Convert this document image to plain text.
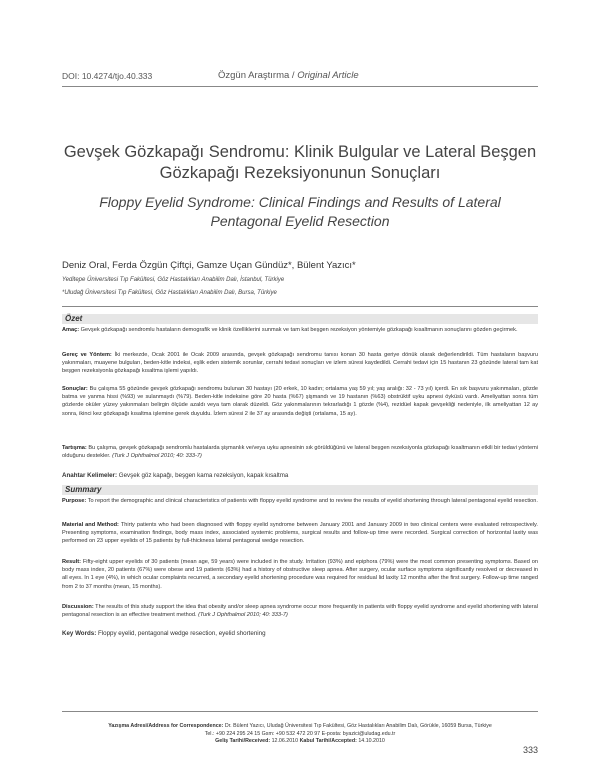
DOI: 10.4274/tjo.40.333	Özgün Araştırma / Original Article
Gevşek Gözkapağı Sendromu: Klinik Bulgular ve Lateral Beşgen Gözkapağı Rezeksiyonunun Sonuçları
Floppy Eyelid Syndrome: Clinical Findings and Results of Lateral Pentagonal Eyelid Resection
Deniz Oral, Ferda Özgün Çiftçi, Gamze Uçan Gündüz*, Bülent Yazıcı*
Yeditepe Üniversitesi Tıp Fakültesi, Göz Hastalıkları Anabilim Dalı, İstanbul, Türkiye
*Uludağ Üniversitesi Tıp Fakültesi, Göz Hastalıkları Anabilim Dalı, Bursa, Türkiye
Özet
Amaç: Gevşek gözkapağı sendromlu hastaların demografik ve klinik özelliklerini sunmak ve tam kat beşgen rezeksiyon yöntemiyle gözkapağı kısaltmanın sonuçlarını gözden geçirmek.
Gereç ve Yöntem: İki merkezde, Ocak 2001 ile Ocak 2009 arasında, gevşek gözkapağı sendromu tanısı konan 30 hasta geriye dönük olarak değerlendirildi. Tüm hastaların başvuru yakınmaları, muayene bulguları, beden-kitle indeksi, eşlik eden sistemik sorunlar, cerrahi tedavi sonuçları ve izlem süresi kaydedildi. Cerrahi tedavi için 15 hastanın 23 gözünde lateral tam kat beşgen rezeksiyonla gözkapağı kısaltma işlemi yapıldı.
Sonuçlar: Bu çalışma 55 gözünde gevşek gözkapağı sendromu bulunan 30 hastayı (20 erkek, 10 kadın; ortalama yaş 59 yıl; yaş aralığı: 32 - 73 yıl) içerdi. En sık başvuru yakınmaları, gözde batma ve yanma hissi (%93) ve sulanmaydı (%79). Beden-kitle indeksine göre 20 hasta (%67) şişmandı ve 19 hastanın (%63) obstrüktif uyku apnesi öyküsü vardı. Ameliyattan sonra tüm gözlerde oküler yüzey yakınmaları belirgin ölçüde azaldı veya tam olarak düzeldi. Göz yakınmalarının tekrarladığı 1 gözde (%4), rezidüel kapak gevşekliği nedeniyle, ilk ameliyattan 12 ay sonra, ikinci kez gözkapağı kısaltma işlemine gerek duyuldu. İzlem süresi 2 ile 37 ay arasında değişti (ortalama, 15 ay).
Tartışma: Bu çalışma, gevşek gözkapağı sendromlu hastalarda şişmanlık ve/veya uyku apnesinin sık görüldüğünü ve lateral beşgen rezeksiyonla gözkapağı kısaltmanın etkili bir tedavi yöntemi olduğunu destekler. (Turk J Ophthalmol 2010; 40: 333-7)
Anahtar Kelimeler: Gevşek göz kapağı, beşgen kama rezeksiyon, kapak kısaltma
Summary
Purpose: To report the demographic and clinical characteristics of patients with floppy eyelid syndrome and to review the results of eyelid shortening through lateral pentagonal eyelid resection.
Material and Method: Thirty patients who had been diagnosed with floppy eyelid syndrome between January 2001 and January 2009 in two clinical centers were evaluated retrospectively. Presenting symptoms, examination findings, body mass index, associated systemic problems, surgical results and follow-up time were recorded. Surgical correction of horizontal laxity was performed on 23 upper eyelids of 15 patients by full-thickness lateral pentagonal wedge resection.
Result: Fifty-eight upper eyelids of 30 patients (mean age, 59 years) were included in the study. Irritation (93%) and epiphora (79%) were the most common presenting symptoms. Based on body mass index, 20 patients (67%) were obese and 19 patients (63%) had a history of obstructive sleep apnea. After surgery, ocular surface symptoms significantly resolved or decreased in all eyes. In 1 eye (4%), in which ocular complaints recurred, a secondary eyelid shortening procedure was required for residual lid laxity 12 months after the first surgery. Follow-up time ranged from 2 to 37 months (mean, 15 months).
Discussion: The results of this study support the idea that obesity and/or sleep apnea syndrome occur more frequently in patients with floppy eyelid syndrome and eyelid shortening with lateral pentagonal resection is an effective treatment method. (Turk J Ophthalmol 2010; 40: 333-7)
Key Words: Floppy eyelid, pentagonal wedge resection, eyelid shortening
Yazışma Adresi/Address for Correspondence: Dr. Bülent Yazıcı, Uludağ Üniversitesi Tıp Fakültesi, Göz Hastalıkları Anabilim Dalı, Görükle, 16059 Bursa, Türkiye
Tel.: +90 224 295 24 15 Gsm: +90 532 472 20 97 E-posta: byazici@uludag.edu.tr
Geliş Tarihi/Received: 12.06.2010 Kabul Tarihi/Accepted: 14.10.2010
333
